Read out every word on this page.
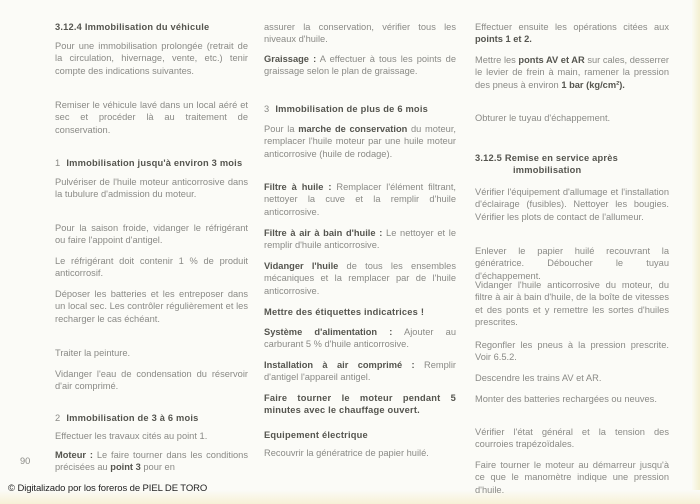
3.12.4 Immobilisation du véhicule

Pour une immobilisation prolongée (retrait de la circulation, hivernage, vente, etc.) tenir compte des indications suivantes.

Remiser le véhicule lavé dans un local aéré et sec et procéder là au traitement de conservation.

1 Immobilisation jusqu'à environ 3 mois

Pulvériser de l'huile moteur anticorrosive dans la tubulure d'admission du moteur.

Pour la saison froide, vidanger le réfrigérant ou faire l'appoint d'antigel.

Le réfrigérant doit contenir 1 % de produit anticorrosif.

Déposer les batteries et les entreposer dans un local sec. Les contrôler régulièrement et les recharger le cas échéant.

Traiter la peinture.

Vidanger l'eau de condensation du réservoir d'air comprimé.

2 Immobilisation de 3 à 6 mois

Effectuer les travaux cités au point 1.

Moteur : Le faire tourner dans les conditions précisées au point 3 pour en

assurer la conservation, vérifier tous les niveaux d'huile.

Graissage : A effectuer à tous les points de graissage selon le plan de graissage.

3 Immobilisation de plus de 6 mois

Pour la marche de conservation du moteur, remplacer l'huile moteur par une huile moteur anticorrosive (huile de rodage).

Filtre à huile : Remplacer l'élément filtrant, nettoyer la cuve et la remplir d'huile anticorrosive.

Filtre à air à bain d'huile : Le nettoyer et le remplir d'huile anticorrosive.

Vidanger l'huile de tous les ensembles mécaniques et la remplacer par de l'huile anticorrosive.

Mettre des étiquettes indicatrices !

Système d'alimentation : Ajouter au carburant 5 % d'huile anticorrosive.

Installation à air comprimé : Remplir d'antigel l'appareil antigel.

Faire tourner le moteur pendant 5 minutes avec le chauffage ouvert.
Equipement électrique

Recouvrir la génératrice de papier huilé.

Effectuer ensuite les opérations citées aux points 1 et 2.

Mettre les ponts AV et AR sur cales, desserrer le levier de frein à main, ramener la pression des pneus à environ 1 bar (kg/cm²).

Obturer le tuyau d'échappement.

3.12.5 Remise en service après immobilisation

Vérifier l'équipement d'allumage et l'installation d'éclairage (fusibles). Nettoyer les bougies. Vérifier les plots de contact de l'allumeur.

Enlever le papier huilé recouvrant la génératrice. Déboucher le tuyau d'échappement.

Vidanger l'huile anticorrosive du moteur, du filtre à air à bain d'huile, de la boîte de vitesses et des ponts et y remettre les sortes d'huiles prescrites.

Regonfler les pneus à la pression prescrite. Voir 6.5.2.

Descendre les trains AV et AR.

Monter des batteries rechargées ou neuves.

Vérifier l'état général et la tension des courroies trapézoïdales.

Faire tourner le moteur au démarreur jusqu'à ce que le manomètre indique une pression d'huile.

90
© Digitalizado por los foreros de PIEL DE TORO
